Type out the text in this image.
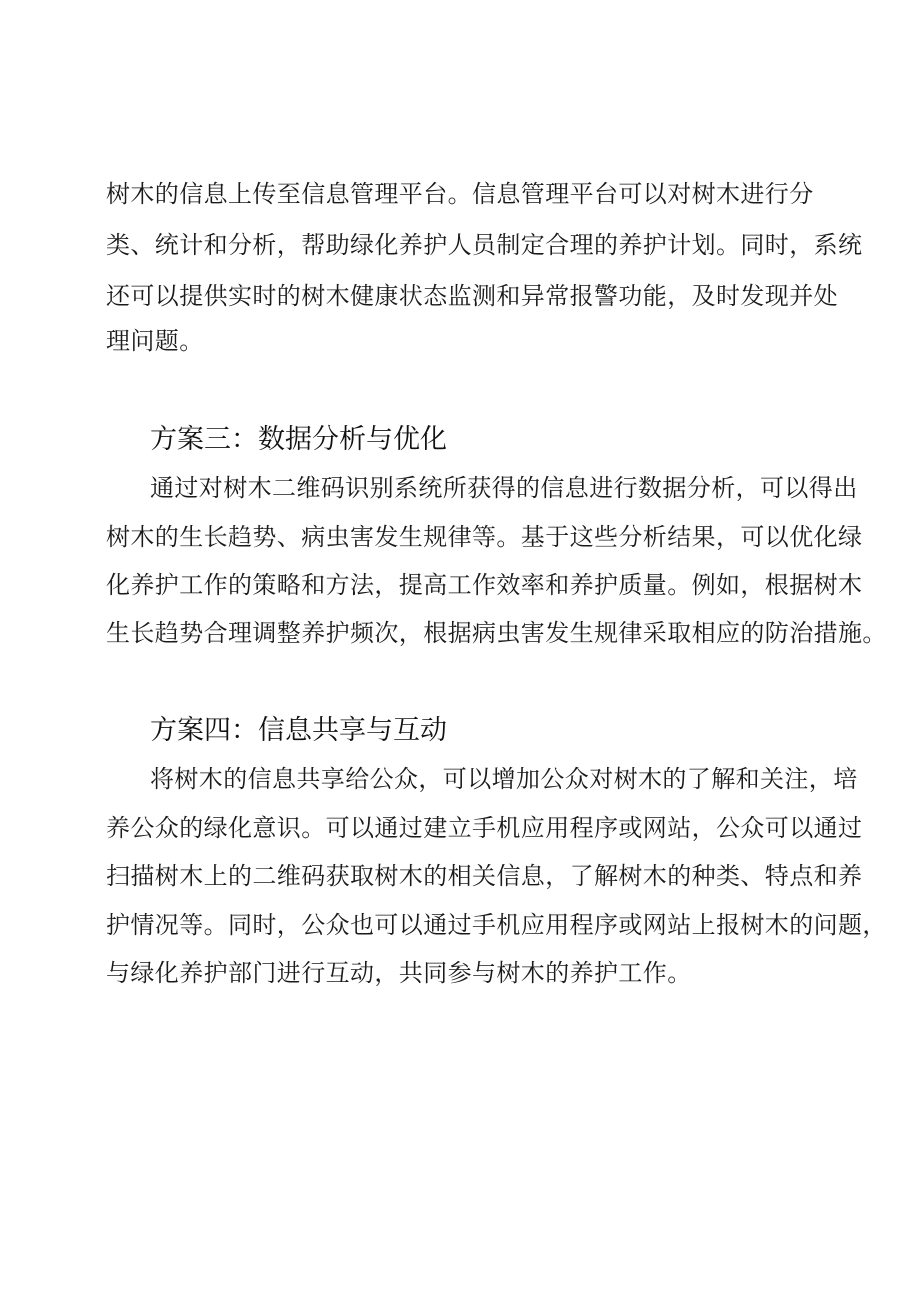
树木的信息上传至信息管理平台。信息管理平台可以对树木进行分
类、统计和分析，帮助绿化养护人员制定合理的养护计划。同时，系统
还可以提供实时的树木健康状态监测和异常报警功能，及时发现并处
理问题。
方案三：数据分析与优化
通过对树木二维码识别系统所获得的信息进行数据分析，可以得出
树木的生长趋势、病虫害发生规律等。基于这些分析结果，可以优化绿
化养护工作的策略和方法，提高工作效率和养护质量。例如，根据树木
生长趋势合理调整养护频次，根据病虫害发生规律采取相应的防治措施。
方案四：信息共享与互动
将树木的信息共享给公众，可以增加公众对树木的了解和关注，培
养公众的绿化意识。可以通过建立手机应用程序或网站，公众可以通过
扫描树木上的二维码获取树木的相关信息，了解树木的种类、特点和养
护情况等。同时，公众也可以通过手机应用程序或网站上报树木的问题，
与绿化养护部门进行互动，共同参与树木的养护工作。
